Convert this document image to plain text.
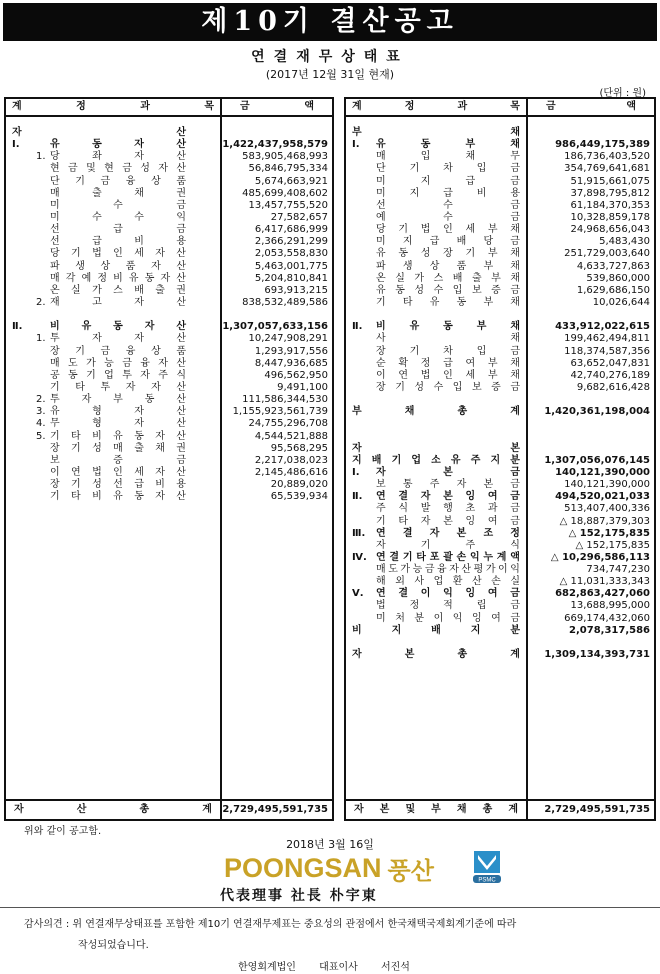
제10기 결산공고
연결재무상태표
(2017년 12월 31일 현재)
(단위 : 원)
계	정	과	목	금	액
자	산
Ⅰ.	유	동	자	산	1,422,437,958,579
1. 당	좌	자	산	583,905,468,993
현 금 및 현 금 성 자 산	56,846,795,334
단 기 금 융 상 품	5,674,663,921
매	출	채	권	485,699,408,602
미	수	금	13,457,755,520
미	수	수	익	27,582,657
선	급	금	6,417,686,999
선	급	비	용	2,366,291,299
당 기 법 인 세 자 산	2,053,558,830
파 생 상 품 자 산	5,463,001,775
매 각 예 정 비 유 동 자 산	5,204,810,841
온 실 가 스 배 출 권	693,913,215
2. 재	고	자	산	838,532,489,586
Ⅱ.	비 유 동 자 산	1,307,057,633,156
1. 투	자	자	산	10,247,908,291
장 기 금 융 상 품	1,293,917,556
매 도 가 능 금 융 자 산	8,447,936,685
공 동 기 업 투 자 주 식	496,562,950
기 타 투 자 자 산	9,491,100
2. 투 자 부 동 산	111,586,344,530
3. 유	형	자	산	1,155,923,561,739
4. 무	형	자	산	24,755,296,708
5. 기 타 비 유 동 자 산	4,544,521,888
장 기 성 매 출 채 권	95,568,295
보	증	금	2,217,038,023
이 연 법 인 세 자 산	2,145,486,616
장 기 성 선 급 비 용	20,889,020
기 타 비 유 동 자 산	65,539,934
자	산	총	계 2,729,495,591,735
계	정	과	목	금	액
부	채
Ⅰ. 유	동	부	채	986,449,175,389
매	입	채	무	186,736,403,520
단 기 차 입 금	354,769,641,681
미	지	급	금	51,915,661,075
미 지 급 비 용	37,898,795,812
선	수	금	61,184,370,353
예	수	금	10,328,859,178
당 기 법 인 세 부 채	24,968,656,043
미 지 급 배 당 금	5,483,430
유 동 성 장 기 부 채	251,729,003,640
파 생 상 품 부 채	4,633,727,863
온 실 가 스 배 출 부 채	539,860,000
유 동 성 수 입 보 증 금	1,629,686,150
기 타 유 동 부 채	10,026,644
Ⅱ. 비 유 동 부 채	433,912,022,615
사	채	199,462,494,811
장 기 차 입 금	118,374,587,356
순 확 정 급 여 부 채	63,652,047,831
이 연 법 인 세 부 채	42,740,276,189
장 기 성 수 입 보 증 금	9,682,616,428
부	채	총	계 1,420,361,198,004
자	본
지 배 기 업 소 유 주 지 분 1,307,056,076,145
Ⅰ. 자	본	금	140,121,390,000
보 통 주 자 본 금	140,121,390,000
Ⅱ. 연 결 자 본 잉 여 금	494,520,021,033
주 식 발 행 초 과 금	513,407,400,336
기 타 자 본 잉 여 금	△ 18,887,379,303
Ⅲ. 연 결 자 본 조 정	△ 152,175,835
자	기	주	식	△ 152,175,835
Ⅳ. 연 결 기 타 포 괄 손 익 누 계 액	△ 10,296,586,113
매 도 가 능 금 융 자 산 평 가 이 익	734,747,230
해 외 사 업 환 산 손 실	△ 11,031,333,343
Ⅴ. 연 결 이 익 잉 여 금	682,863,427,060
법 정 적 립 금	13,688,995,000
미 처 분 이 익 잉 여 금	669,174,432,060
비	지	배	지	분	2,078,317,586
자	본	총	계 1,309,134,393,731
자 본 및 부 채 총 계	2,729,495,591,735
위와 같이 공고함.
2018년 3월 16일
POONGSAN 풍산	PSMC
代表理事 社長 朴宇東
감사의견 : 위 연결재무상태표를 포함한 제10기 연결재무제표는 중요성의 관점에서 한국채택국제회계기준에 따라
작성되었습니다.
한영회계법인 대표이사 서진석
